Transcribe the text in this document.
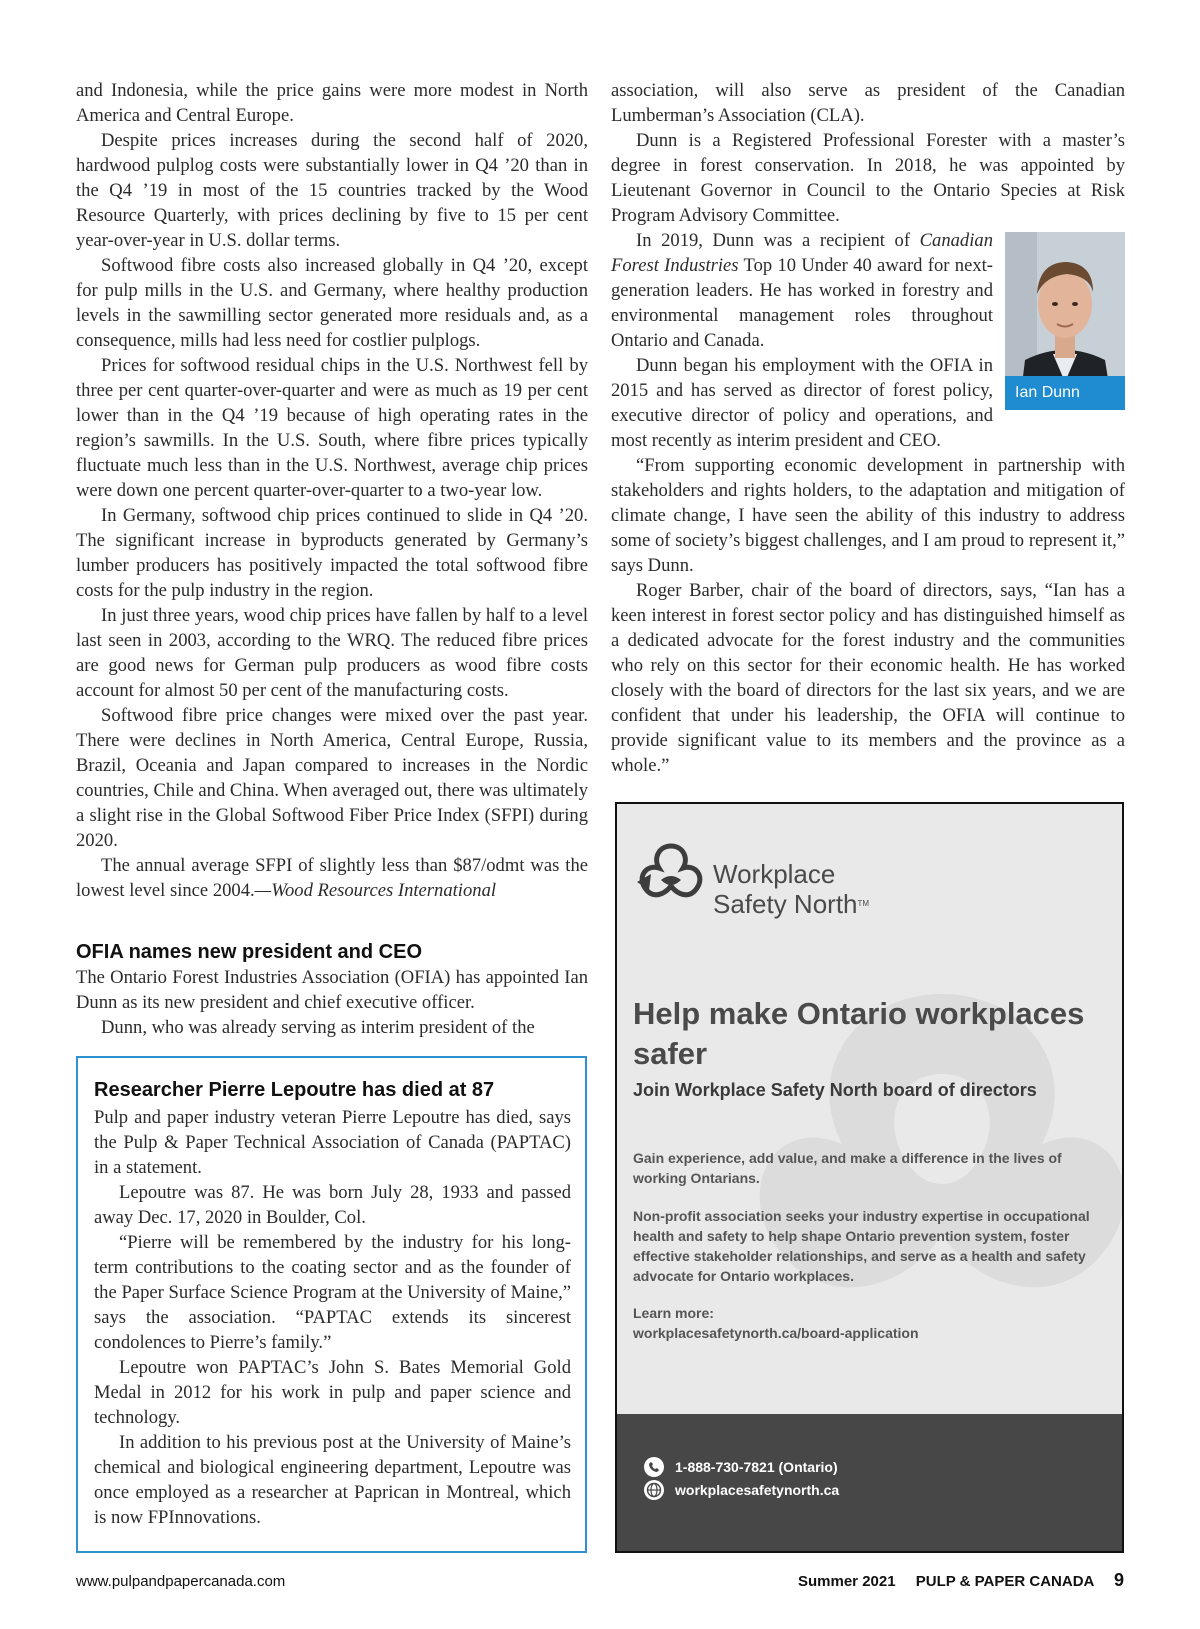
and Indonesia, while the price gains were more modest in North America and Central Europe.

Despite prices increases during the second half of 2020, hardwood pulplog costs were substantially lower in Q4 ’20 than in the Q4 ’19 in most of the 15 countries tracked by the Wood Resource Quarterly, with prices declining by five to 15 per cent year-over-year in U.S. dollar terms.

Softwood fibre costs also increased globally in Q4 ’20, except for pulp mills in the U.S. and Germany, where healthy production levels in the sawmilling sector generated more residuals and, as a consequence, mills had less need for costlier pulplogs.

Prices for softwood residual chips in the U.S. Northwest fell by three per cent quarter-over-quarter and were as much as 19 per cent lower than in the Q4 ’19 because of high operating rates in the region’s sawmills. In the U.S. South, where fibre prices typically fluctuate much less than in the U.S. Northwest, average chip prices were down one percent quarter-over-quarter to a two-year low.

In Germany, softwood chip prices continued to slide in Q4 ’20. The significant increase in byproducts generated by Germany’s lumber producers has positively impacted the total softwood fibre costs for the pulp industry in the region.

In just three years, wood chip prices have fallen by half to a level last seen in 2003, according to the WRQ. The reduced fibre prices are good news for German pulp producers as wood fibre costs account for almost 50 per cent of the manufacturing costs.

Softwood fibre price changes were mixed over the past year. There were declines in North America, Central Europe, Russia, Brazil, Oceania and Japan compared to increases in the Nordic countries, Chile and China. When averaged out, there was ultimately a slight rise in the Global Softwood Fiber Price Index (SFPI) during 2020.

The annual average SFPI of slightly less than $87/odmt was the lowest level since 2004.—Wood Resources International

OFIA names new president and CEO

The Ontario Forest Industries Association (OFIA) has appointed Ian Dunn as its new president and chief executive officer.

Dunn, who was already serving as interim president of the

association, will also serve as president of the Canadian Lumberman’s Association (CLA).

Dunn is a Registered Professional Forester with a master’s degree in forest conservation. In 2018, he was appointed by Lieutenant Governor in Council to the Ontario Species at Risk Program Advisory Committee.

Ian Dunn

In 2019, Dunn was a recipient of Canadian Forest Industries Top 10 Under 40 award for next-generation leaders. He has worked in forestry and environmental management roles throughout Ontario and Canada.

Dunn began his employment with the OFIA in 2015 and has served as director of forest policy, executive director of policy and operations, and most recently as interim president and CEO.

“From supporting economic development in partnership with stakeholders and rights holders, to the adaptation and mitigation of climate change, I have seen the ability of this industry to address some of society’s biggest challenges, and I am proud to represent it,” says Dunn.

Roger Barber, chair of the board of directors, says, “Ian has a keen interest in forest sector policy and has distinguished himself as a dedicated advocate for the forest industry and the communities who rely on this sector for their economic health. He has worked closely with the board of directors for the last six years, and we are confident that under his leadership, the OFIA will continue to provide significant value to its members and the province as a whole.”

Researcher Pierre Lepoutre has died at 87

Pulp and paper industry veteran Pierre Lepoutre has died, says the Pulp & Paper Technical Association of Canada (PAPTAC) in a statement.

Lepoutre was 87. He was born July 28, 1933 and passed away Dec. 17, 2020 in Boulder, Col.

“Pierre will be remembered by the industry for his long-term contributions to the coating sector and as the founder of the Paper Surface Science Program at the University of Maine,” says the association. “PAPTAC extends its sincerest condolences to Pierre’s family.”

Lepoutre won PAPTAC’s John S. Bates Memorial Gold Medal in 2012 for his work in pulp and paper science and technology.

In addition to his previous post at the University of Maine’s chemical and biological engineering department, Lepoutre was once employed as a researcher at Paprican in Montreal, which is now FPInnovations.

Workplace
Safety North™
Help make Ontario workplaces safer
Join Workplace Safety North board of directors
Gain experience, add value, and make a difference in the lives of working Ontarians.
Non-profit association seeks your industry expertise in occupational health and safety to help shape Ontario prevention system, foster effective stakeholder relationships, and serve as a health and safety advocate for Ontario workplaces.
Learn more:
workplacesafetynorth.ca/board-application
1-888-730-7821 (Ontario)
workplacesafetynorth.ca
www.pulpandpapercanada.com	Summer 2021 PULP & PAPER CANADA 9
